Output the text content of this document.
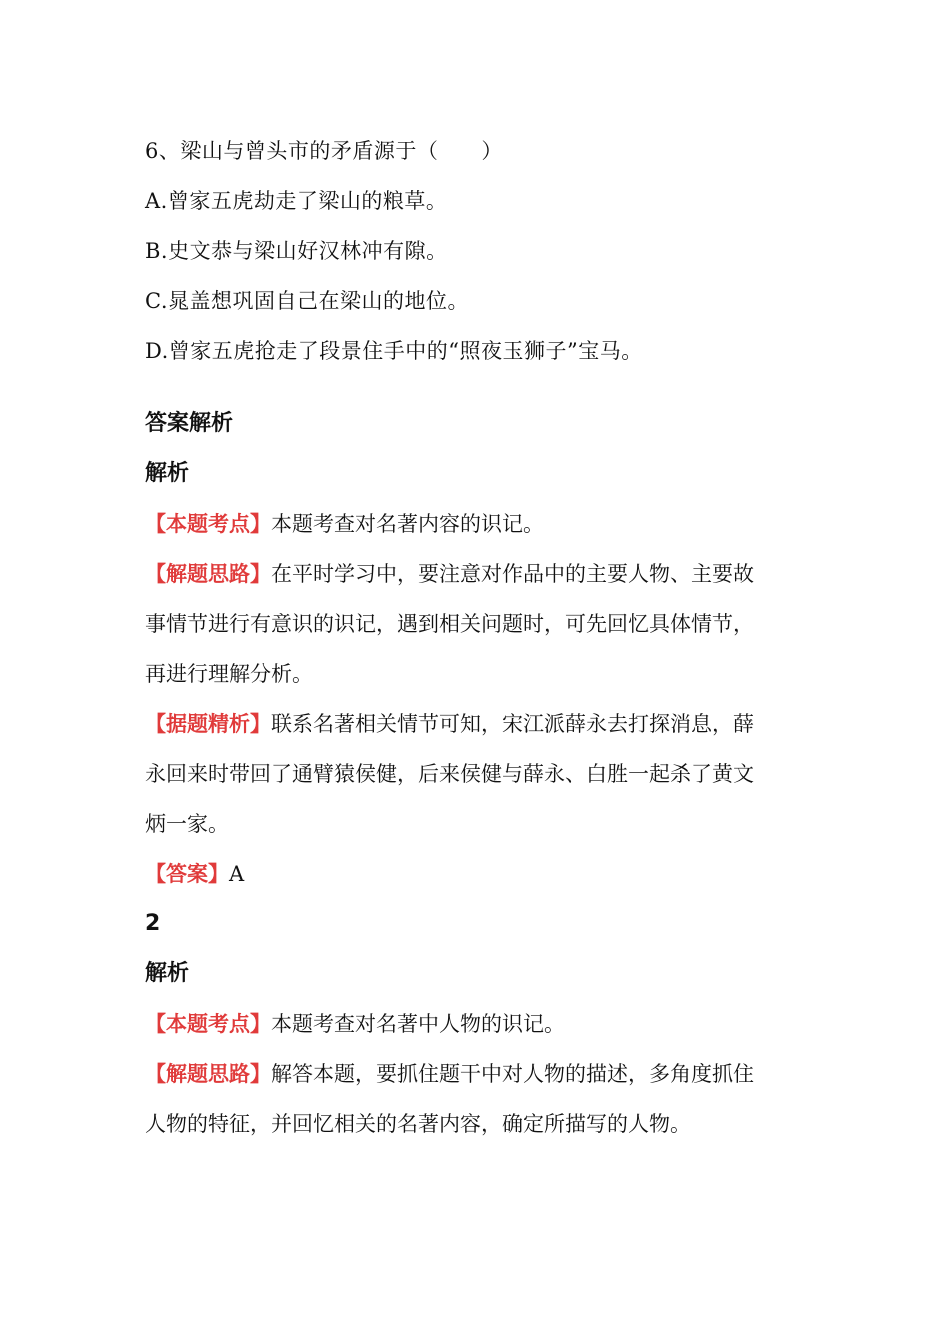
6、梁山与曾头市的矛盾源于（　　）
A.曾家五虎劫走了梁山的粮草。
B.史文恭与梁山好汉林冲有隙。
C.晁盖想巩固自己在梁山的地位。
D.曾家五虎抢走了段景住手中的“照夜玉狮子”宝马。
答案解析
解析
【本题考点】本题考查对名著内容的识记。
【解题思路】在平时学习中，要注意对作品中的主要人物、主要故
事情节进行有意识的识记，遇到相关问题时，可先回忆具体情节，
再进行理解分析。
【据题精析】联系名著相关情节可知，宋江派薛永去打探消息，薛
永回来时带回了通臂猿侯健，后来侯健与薛永、白胜一起杀了黄文
炳一家。
【答案】A
2
解析
【本题考点】本题考查对名著中人物的识记。
【解题思路】解答本题，要抓住题干中对人物的描述，多角度抓住
人物的特征，并回忆相关的名著内容，确定所描写的人物。
